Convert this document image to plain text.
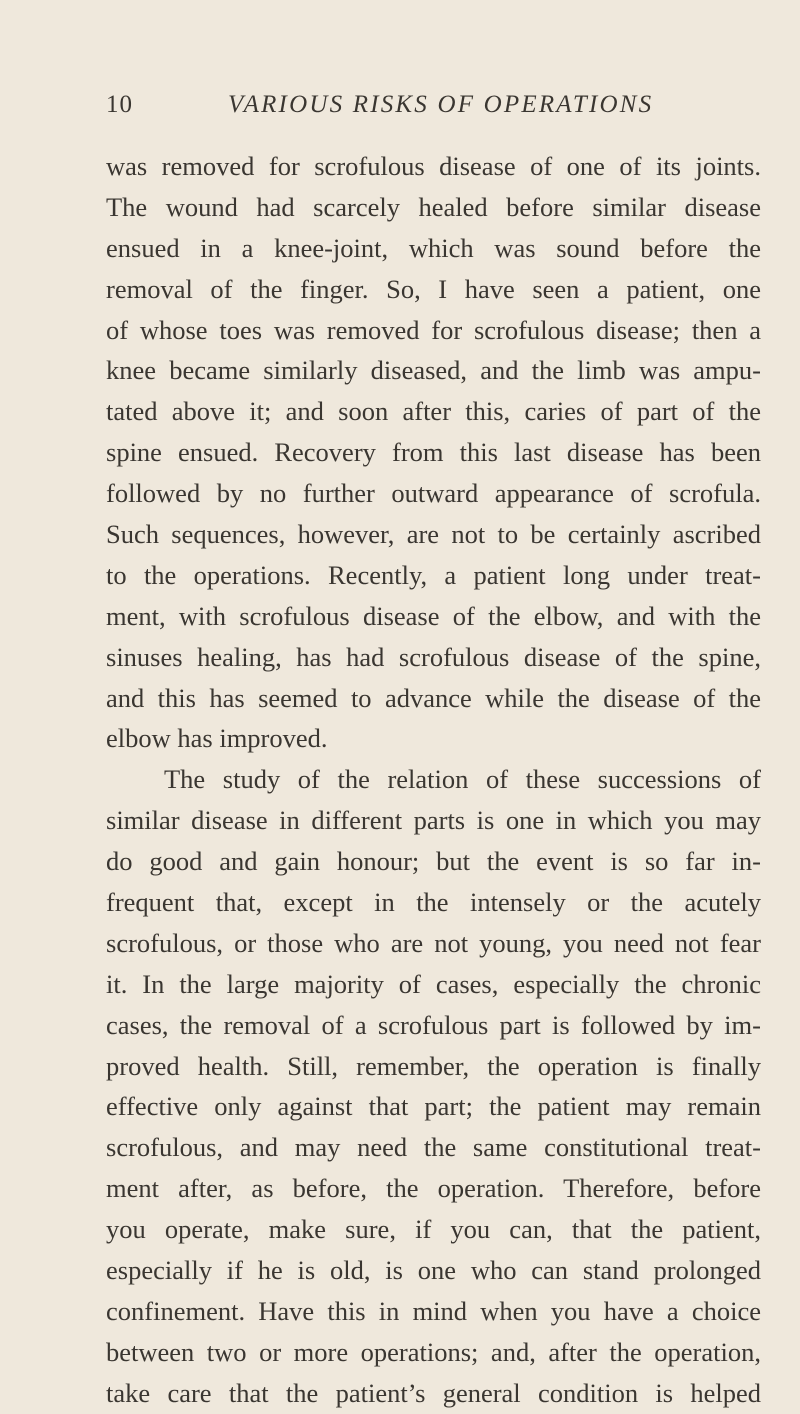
10	VARIOUS RISKS OF OPERATIONS
was removed for scrofulous disease of one of its joints.
The wound had scarcely healed before similar disease
ensued in a knee-joint, which was sound before the
removal of the finger. So, I have seen a patient, one
of whose toes was removed for scrofulous disease; then a
knee became similarly diseased, and the limb was ampu-
tated above it; and soon after this, caries of part of the
spine ensued. Recovery from this last disease has been
followed by no further outward appearance of scrofula.
Such sequences, however, are not to be certainly ascribed
to the operations. Recently, a patient long under treat-
ment, with scrofulous disease of the elbow, and with the
sinuses healing, has had scrofulous disease of the spine,
and this has seemed to advance while the disease of the
elbow has improved.
The study of the relation of these successions of
similar disease in different parts is one in which you may
do good and gain honour; but the event is so far in-
frequent that, except in the intensely or the acutely
scrofulous, or those who are not young, you need not fear
it. In the large majority of cases, especially the chronic
cases, the removal of a scrofulous part is followed by im-
proved health. Still, remember, the operation is finally
effective only against that part; the patient may remain
scrofulous, and may need the same constitutional treat-
ment after, as before, the operation. Therefore, before
you operate, make sure, if you can, that the patient,
especially if he is old, is one who can stand prolonged
confinement. Have this in mind when you have a choice
between two or more operations; and, after the operation,
take care that the patient’s general condition is helped
